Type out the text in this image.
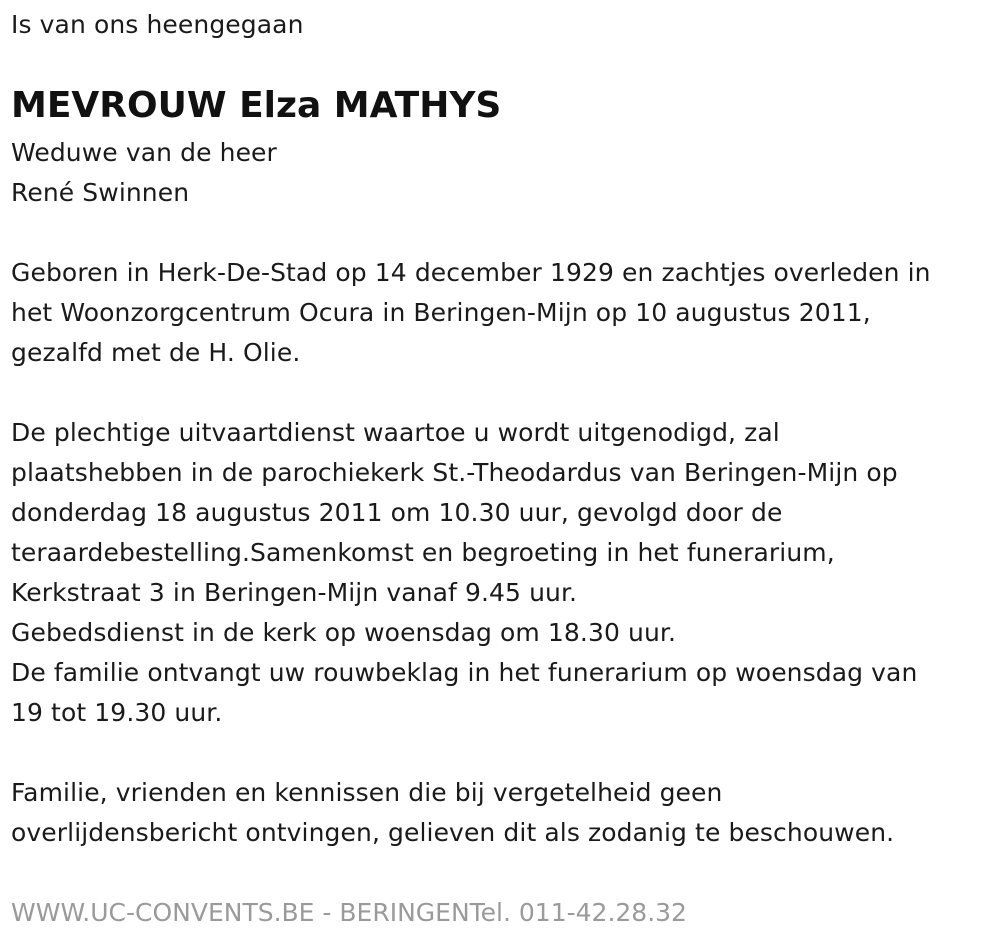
Is van ons heengegaan
MEVROUW Elza MATHYS
Weduwe van de heer
René Swinnen
Geboren in Herk-De-Stad op 14 december 1929 en zachtjes overleden in
het Woonzorgcentrum Ocura in Beringen-Mijn op 10 augustus 2011,
gezalfd met de H. Olie.
De plechtige uitvaartdienst waartoe u wordt uitgenodigd, zal
plaatshebben in de parochiekerk St.-Theodardus van Beringen-Mijn op
donderdag 18 augustus 2011 om 10.30 uur, gevolgd door de
teraardebestelling.Samenkomst en begroeting in het funerarium,
Kerkstraat 3 in Beringen-Mijn vanaf 9.45 uur.
Gebedsdienst in de kerk op woensdag om 18.30 uur.
De familie ontvangt uw rouwbeklag in het funerarium op woensdag van
19 tot 19.30 uur.
Familie, vrienden en kennissen die bij vergetelheid geen
overlijdensbericht ontvingen, gelieven dit als zodanig te beschouwen.
WWW.UC-CONVENTS.BE - BERINGENTel. 011-42.28.32
